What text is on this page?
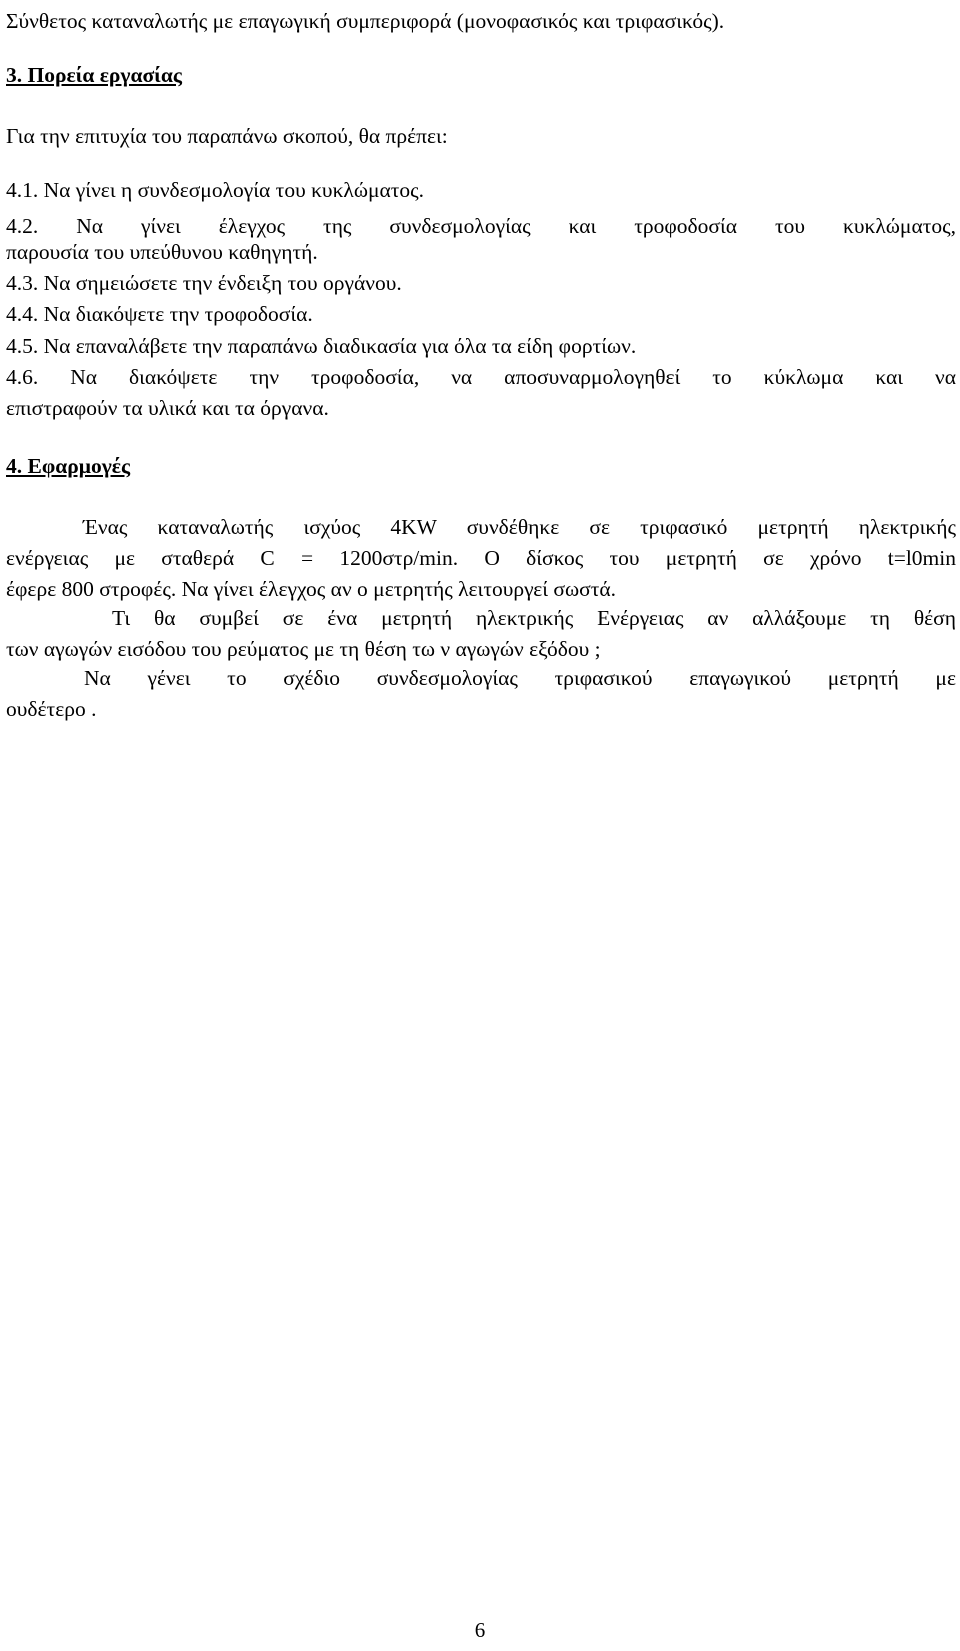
Σύνθετος καταναλωτής με επαγωγική συμπεριφορά (μονοφασικός και τριφασικός).
3. Πορεία εργασίας
Για την επιτυχία του παραπάνω σκοπού, θα πρέπει:
4.1. Να γίνει η συνδεσμολογία του κυκλώματος.
4.2. Να γίνει έλεγχος της συνδεσμολογίας και τροφοδοσία του κυκλώματος,
παρουσία του υπεύθυνου καθηγητή.
4.3. Να σημειώσετε την ένδειξη του οργάνου.
4.4. Να διακόψετε την τροφοδοσία.
4.5. Να επαναλάβετε την παραπάνω διαδικασία για όλα τα είδη φορτίων.
4.6. Να διακόψετε την τροφοδοσία, να αποσυναρμολογηθεί το κύκλωμα και να
επιστραφούν τα υλικά και τα όργανα.
4. Εφαρμογές
Ένας καταναλωτής ισχύος 4KW συνδέθηκε σε τριφασικό μετρητή ηλεκτρικής
ενέργειας με σταθερά C = 1200στρ/min. Ο δίσκος του μετρητή σε χρόνο t=l0min
έφερε 800 στροφές. Να γίνει έλεγχος αν ο μετρητής λειτουργεί σωστά.
Τι θα συμβεί σε ένα μετρητή ηλεκτρικής Ενέργειας αν αλλάξουμε τη θέση
των αγωγών εισόδου του ρεύματος με τη θέση τω ν αγωγών εξόδου ;
Να γένει το σχέδιο συνδεσμολογίας τριφασικού επαγωγικού μετρητή με
ουδέτερο .
6
